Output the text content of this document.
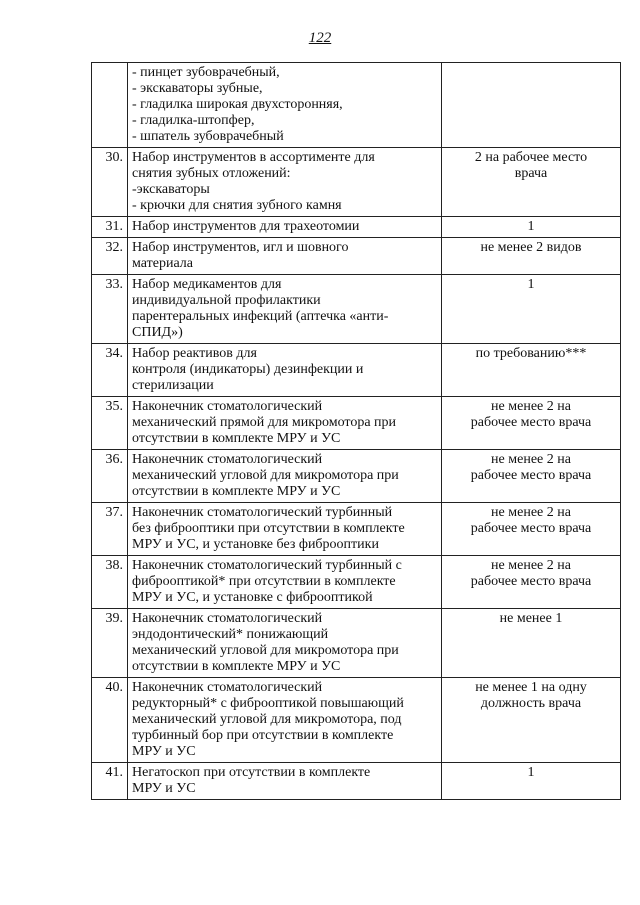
122

	- пинцет зубоврачебный,
- экскаваторы зубные,
- гладилка широкая двухсторонняя,
- гладилка-штопфер,
- шпатель зубоврачебный	

30.	Набор инструментов в ассортименте для
снятия зубных отложений:
-экскаваторы
- крючки для снятия зубного камня	2 на рабочее место
врача

31.	Набор инструментов для трахеотомии	1

32.	Набор инструментов, игл и шовного
материала	не менее 2 видов

33.	Набор медикаментов для
индивидуальной профилактики
парентеральных инфекций (аптечка «анти-
СПИД»)	1

34.	Набор реактивов для
контроля (индикаторы) дезинфекции и
стерилизации	по требованию***

35.	Наконечник стоматологический
механический прямой для микромотора при
отсутствии в комплекте МРУ и УС	не менее 2 на
рабочее место врача

36.	Наконечник стоматологический
механический угловой для микромотора при
отсутствии в комплекте МРУ и УС	не менее 2 на
рабочее место врача

37.	Наконечник стоматологический турбинный
без фиброоптики при отсутствии в комплекте
МРУ и УС, и установке без фиброоптики	не менее 2 на
рабочее место врача

38.	Наконечник стоматологический турбинный с
фиброоптикой* при отсутствии в комплекте
МРУ и УС, и установке с фиброоптикой	не менее 2 на
рабочее место врача

39.	Наконечник стоматологический
эндодонтический* понижающий
механический угловой для микромотора при
отсутствии в комплекте МРУ и УС	не менее 1

40.	Наконечник стоматологический
редукторный* с фиброоптикой повышающий
механический угловой для микромотора, под
турбинный бор при отсутствии в комплекте
МРУ и УС	не менее 1 на одну
должность врача

41.	Негатоскоп при отсутствии в комплекте
МРУ и УС	1
